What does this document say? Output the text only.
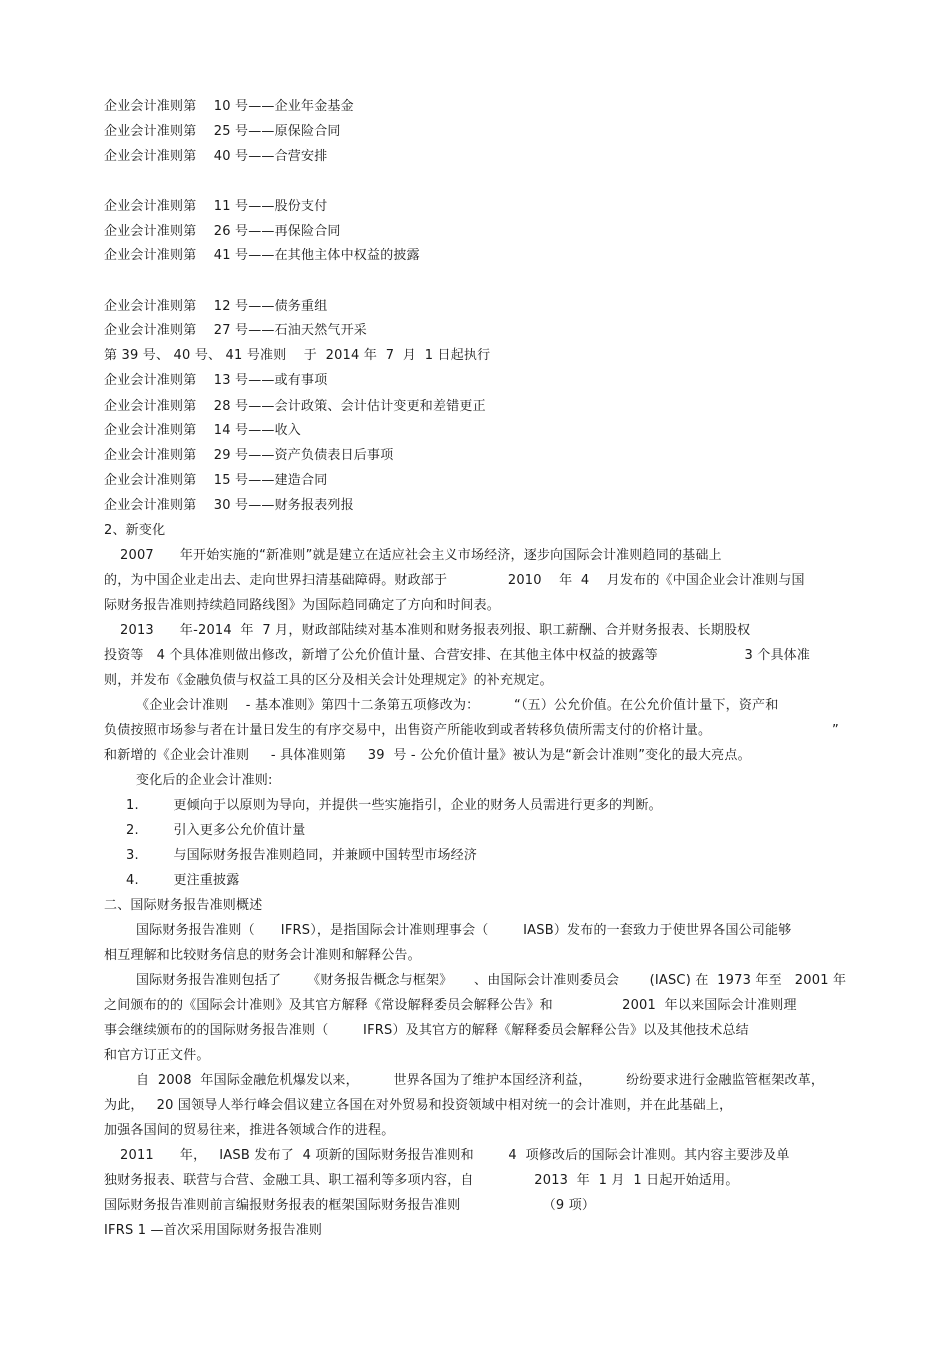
企业会计准则第    10 号——企业年金基金
企业会计准则第    25 号——原保险合同
企业会计准则第    40 号——合营安排
企业会计准则第    11 号——股份支付
企业会计准则第    26 号——再保险合同
企业会计准则第    41 号——在其他主体中权益的披露
企业会计准则第    12 号——债务重组
企业会计准则第    27 号——石油天然气开采
第 39 号、 40 号、 41 号准则    于  2014 年  7  月  1 日起执行
企业会计准则第    13 号——或有事项
企业会计准则第    28 号——会计政策、会计估计变更和差错更正
企业会计准则第    14 号——收入
企业会计准则第    29 号——资产负债表日后事项
企业会计准则第    15 号——建造合同
企业会计准则第    30 号——财务报表列报
2、新变化
2007      年开始实施的“新准则”就是建立在适应社会主义市场经济，逐步向国际会计准则趋同的基础上
的，为中国企业走出去、走向世界扫清基础障碍。财政部于              2010    年  4    月发布的《中国企业会计准则与国
际财务报告准则持续趋同路线图》为国际趋同确定了方向和时间表。
2013      年-2014  年  7 月，财政部陆续对基本准则和财务报表列报、职工薪酬、合并财务报表、长期股权
投资等   4 个具体准则做出修改，新增了公允价值计量、合营安排、在其他主体中权益的披露等                    3 个具体准
则，并发布《金融负债与权益工具的区分及相关会计处理规定》的补充规定。
《企业会计准则    - 基本准则》第四十二条第五项修改为：        “（五）公允价值。在公允价值计量下，资产和
负债按照市场参与者在计量日发生的有序交易中，出售资产所能收到或者转移负债所需支付的价格计量。	”
和新增的《企业会计准则     - 具体准则第     39  号 - 公允价值计量》被认为是“新会计准则”变化的最大亮点。
变化后的企业会计准则:
1.        更倾向于以原则为导向，并提供一些实施指引，企业的财务人员需进行更多的判断。
2.        引入更多公允价值计量
3.        与国际财务报告准则趋同，并兼顾中国转型市场经济
4.        更注重披露
二、国际财务报告准则概述
国际财务报告准则（      IFRS），是指国际会计准则理事会（        IASB）发布的一套致力于使世界各国公司能够
相互理解和比较财务信息的财务会计准则和解释公告。
国际财务报告准则包括了      《财务报告概念与框架》     、由国际会计准则委员会       (IASC) 在  1973 年至   2001 年
之间颁布的的《国际会计准则》及其官方解释《常设解释委员会解释公告》和                2001  年以来国际会计准则理
事会继续颁布的的国际财务报告准则（        IFRS）及其官方的解释《解释委员会解释公告》以及其他技术总结
和官方订正文件。
自  2008  年国际金融危机爆发以来，        世界各国为了维护本国经济利益，        纷纷要求进行金融监管框架改革，
为此，   20 国领导人举行峰会倡议建立各国在对外贸易和投资领域中相对统一的会计准则，并在此基础上，
加强各国间的贸易往来，推进各领域合作的进程。
2011      年，   IASB 发布了  4 项新的国际财务报告准则和        4  项修改后的国际会计准则。其内容主要涉及单
独财务报表、联营与合营、金融工具、职工福利等多项内容，自              2013  年  1 月  1 日起开始适用。
国际财务报告准则前言编报财务报表的框架国际财务报告准则                   （9 项）
IFRS 1 —首次采用国际财务报告准则
